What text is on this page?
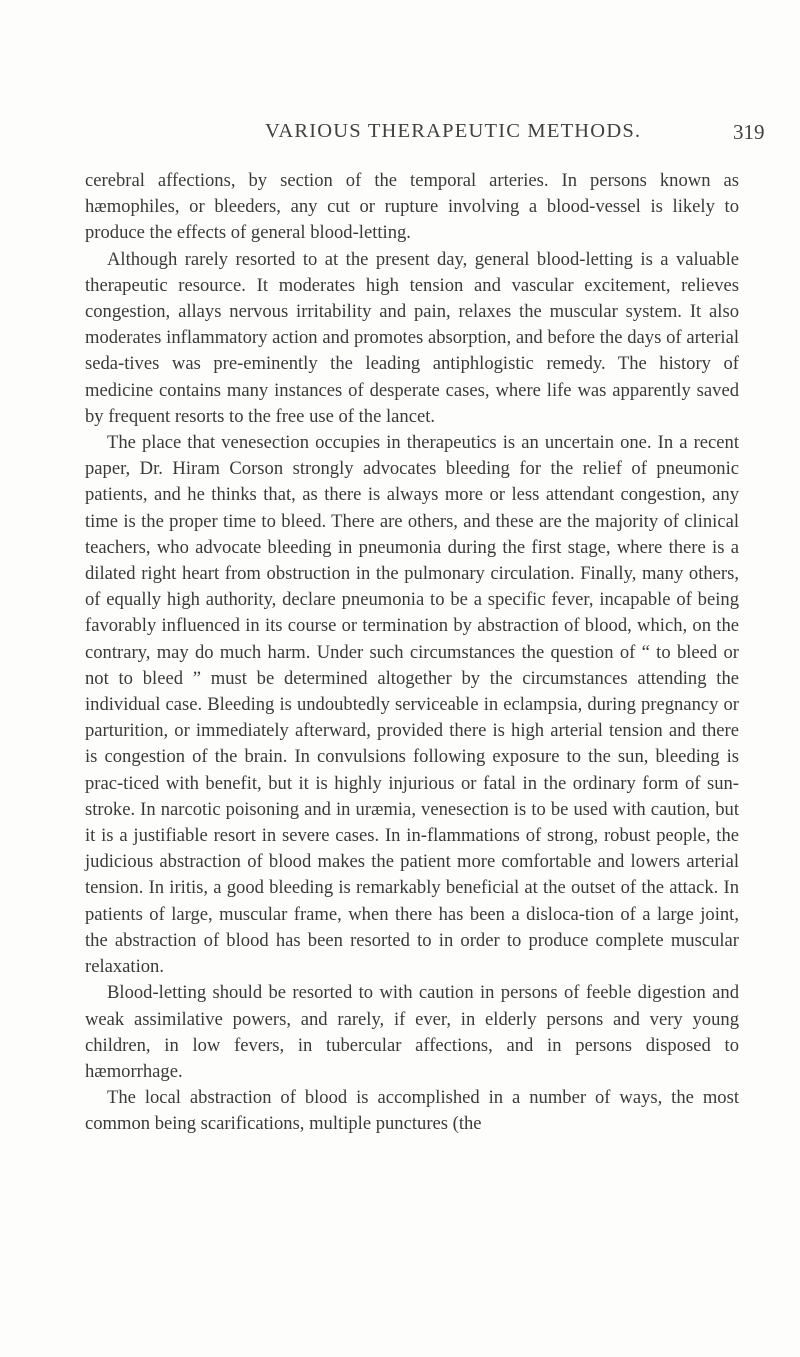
VARIOUS THERAPEUTIC METHODS.	319

cerebral affections, by section of the temporal arteries. In persons known as hæmophiles, or bleeders, any cut or rupture involving a blood-vessel is likely to produce the effects of general blood-letting.

Although rarely resorted to at the present day, general blood-letting is a valuable therapeutic resource. It moderates high tension and vascular excitement, relieves congestion, allays nervous irritability and pain, relaxes the muscular system. It also moderates inflammatory action and promotes absorption, and before the days of arterial seda-tives was pre-eminently the leading antiphlogistic remedy. The history of medicine contains many instances of desperate cases, where life was apparently saved by frequent resorts to the free use of the lancet.

The place that venesection occupies in therapeutics is an uncertain one. In a recent paper, Dr. Hiram Corson strongly advocates bleeding for the relief of pneumonic patients, and he thinks that, as there is always more or less attendant congestion, any time is the proper time to bleed. There are others, and these are the majority of clinical teachers, who advocate bleeding in pneumonia during the first stage, where there is a dilated right heart from obstruction in the pulmonary circulation. Finally, many others, of equally high authority, declare pneumonia to be a specific fever, incapable of being favorably influenced in its course or termination by abstraction of blood, which, on the contrary, may do much harm. Under such circumstances the question of “ to bleed or not to bleed ” must be determined altogether by the circumstances attending the individual case. Bleeding is undoubtedly serviceable in eclampsia, during pregnancy or parturition, or immediately afterward, provided there is high arterial tension and there is congestion of the brain. In convulsions following exposure to the sun, bleeding is prac-ticed with benefit, but it is highly injurious or fatal in the ordinary form of sun-stroke. In narcotic poisoning and in uræmia, venesection is to be used with caution, but it is a justifiable resort in severe cases. In in-flammations of strong, robust people, the judicious abstraction of blood makes the patient more comfortable and lowers arterial tension. In iritis, a good bleeding is remarkably beneficial at the outset of the attack. In patients of large, muscular frame, when there has been a disloca-tion of a large joint, the abstraction of blood has been resorted to in order to produce complete muscular relaxation.

Blood-letting should be resorted to with caution in persons of feeble digestion and weak assimilative powers, and rarely, if ever, in elderly persons and very young children, in low fevers, in tubercular affections, and in persons disposed to hæmorrhage.

The local abstraction of blood is accomplished in a number of ways, the most common being scarifications, multiple punctures (the
